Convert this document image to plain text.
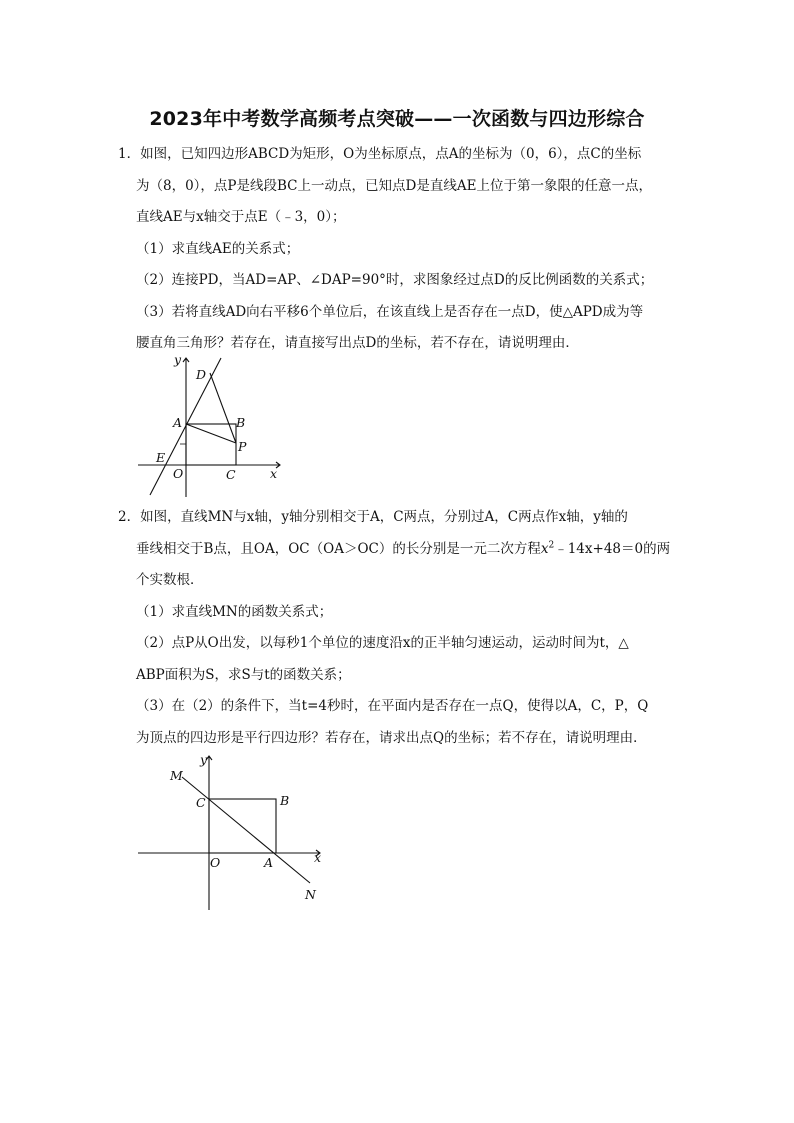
2023年中考数学高频考点突破——一次函数与四边形综合
1．如图，已知四边形ABCD为矩形，O为坐标原点，点A的坐标为（0，6），点C的坐标
为（8，0），点P是线段BC上一动点，已知点D是直线AE上位于第一象限的任意一点，
直线AE与x轴交于点E（﹣3，0）；
（1）求直线AE的关系式；
（2）连接PD，当AD=AP、∠DAP=90°时，求图象经过点D的反比例函数的关系式；
（3）若将直线AD向右平移6个单位后，在该直线上是否存在一点D，使△APD成为等
腰直角三角形？若存在，请直接写出点D的坐标，若不存在，请说明理由．
y
x
D
A	B
P
E
O	C
2．如图，直线MN与x轴，y轴分别相交于A，C两点，分别过A，C两点作x轴，y轴的
垂线相交于B点，且OA，OC（OA＞OC）的长分别是一元二次方程$x^2﹣14x+48=0$的两
个实数根．
（1）求直线MN的函数关系式；
（2）点P从O出发，以每秒1个单位的速度沿x的正半轴匀速运动，运动时间为t，△
ABP面积为S，求S与t的函数关系；
（3）在（2）的条件下，当t=4秒时，在平面内是否存在一点Q，使得以A，C，P，Q
为顶点的四边形是平行四边形？若存在，请求出点Q的坐标；若不存在，请说明理由．
y
x
M
C	B
O	A
N
